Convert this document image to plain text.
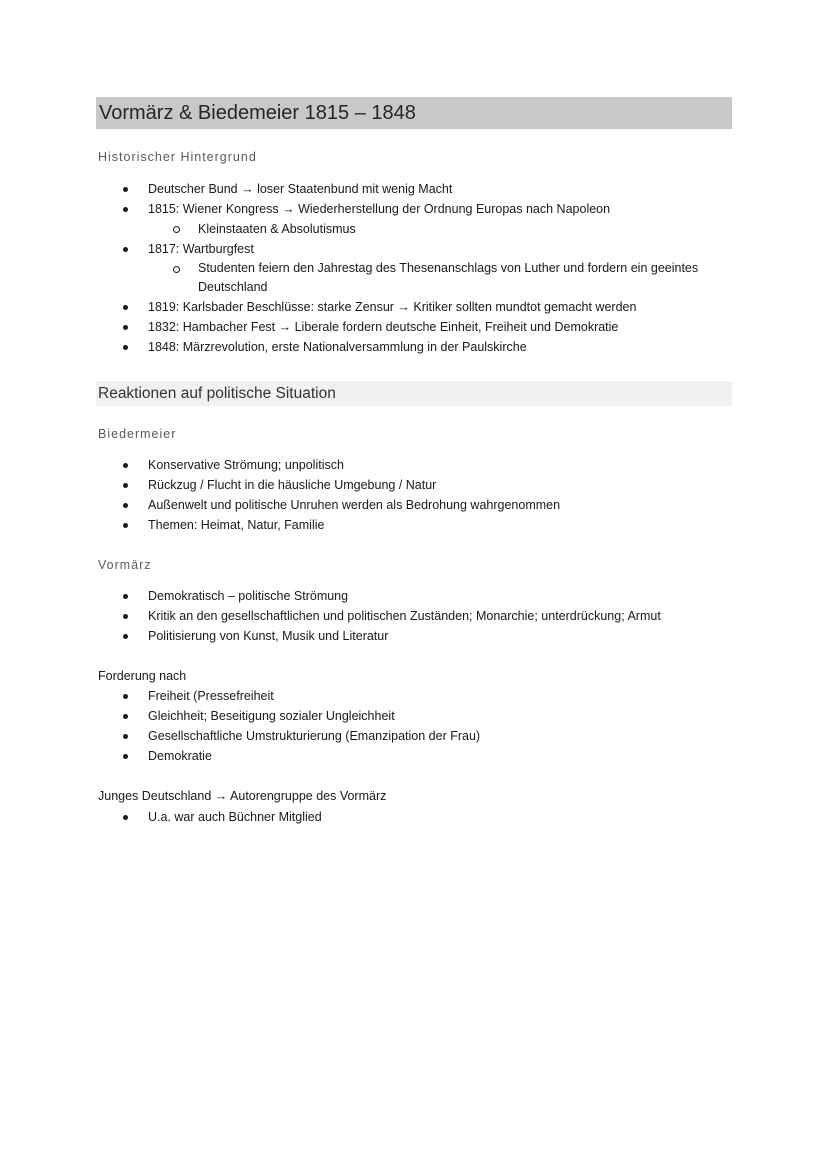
Vormärz & Biedemeier 1815 – 1848
Historischer Hintergrund
Deutscher Bund → loser Staatenbund mit wenig Macht
1815: Wiener Kongress → Wiederherstellung der Ordnung Europas nach Napoleon
Kleinstaaten & Absolutismus
1817: Wartburgfest
Studenten feiern den Jahrestag des Thesenanschlags von Luther und fordern ein geeintes Deutschland
1819: Karlsbader Beschlüsse: starke Zensur → Kritiker sollten mundtot gemacht werden
1832: Hambacher Fest → Liberale fordern deutsche Einheit, Freiheit und Demokratie
1848: Märzrevolution, erste Nationalversammlung in der Paulskirche
Reaktionen auf politische Situation
Biedermeier
Konservative Strömung; unpolitisch
Rückzug / Flucht in die häusliche Umgebung / Natur
Außenwelt und politische Unruhen werden als Bedrohung wahrgenommen
Themen: Heimat, Natur, Familie
Vormärz
Demokratisch – politische Strömung
Kritik an den gesellschaftlichen und politischen Zuständen; Monarchie; unterdrückung; Armut
Politisierung von Kunst, Musik und Literatur

Forderung nach

Freiheit (Pressefreiheit
Gleichheit; Beseitigung sozialer Ungleichheit
Gesellschaftliche Umstrukturierung (Emanzipation der Frau)
Demokratie

Junges Deutschland → Autorengruppe des Vormärz

U.a. war auch Büchner Mitglied
